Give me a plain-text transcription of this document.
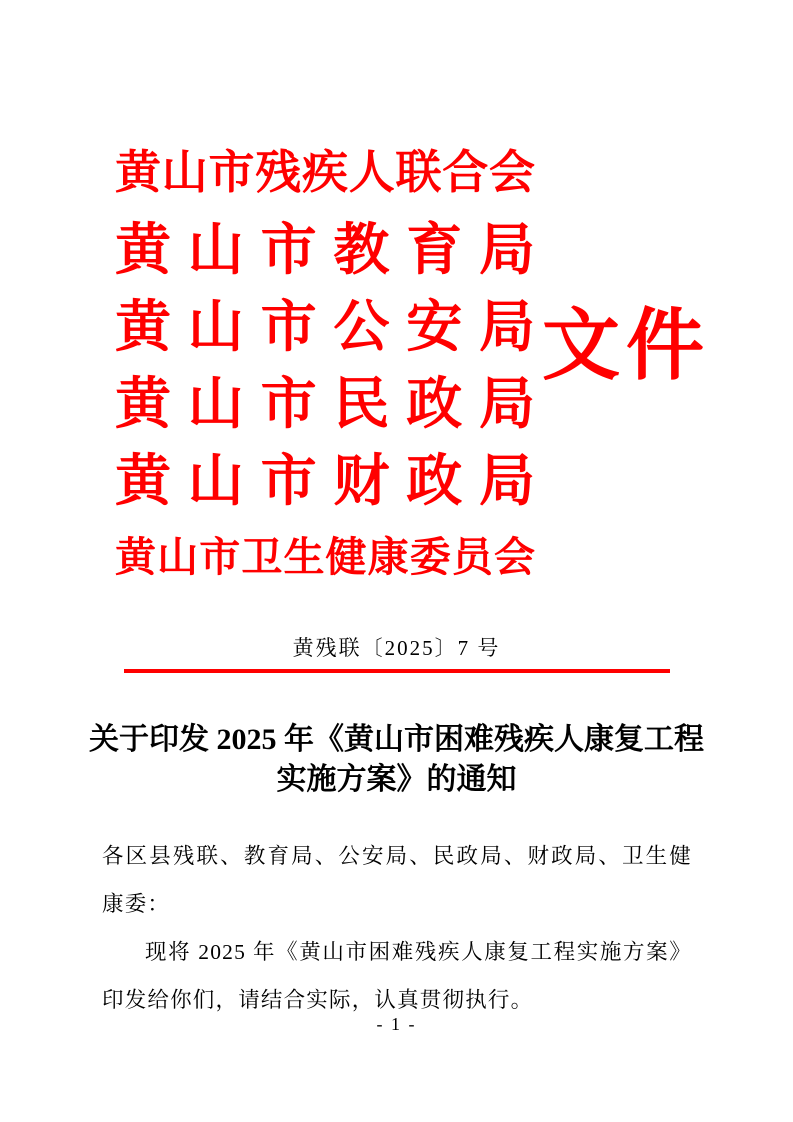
黄 山 市 残 疾 人 联 合 会
黄 山 市 教 育 局
黄 山 市 公 安 局
黄 山 市 民 政 局
黄 山 市 财 政 局
黄 山 市 卫 生 健 康 委 员 会
文件
黄残联〔2025〕7 号
关于印发 2025 年《黄山市困难残疾人康复工程
实施方案》的通知

各区县残联、教育局、公安局、民政局、财政局、卫生健康委：

现将 2025 年《黄山市困难残疾人康复工程实施方案》印发给你们，请结合实际，认真贯彻执行。

- 1 -
